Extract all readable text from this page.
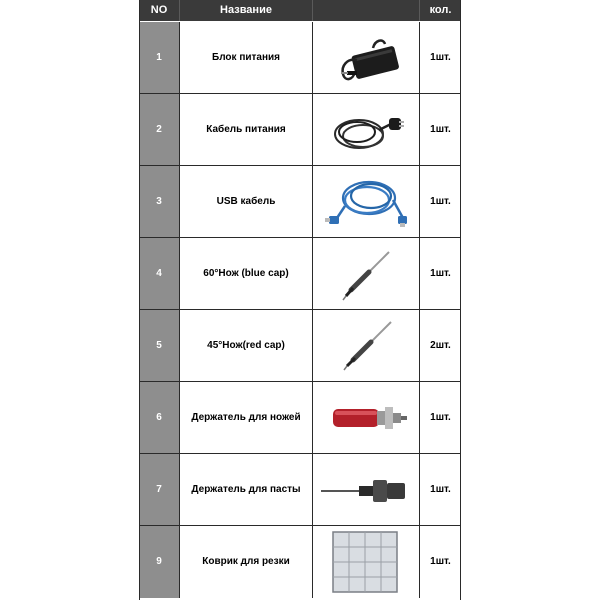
NO	Название	кол.
1	Блок питания	1шт.
2	Кабель питания	1шт.
3	USB кабель	1шт.
4	60°Нож (blue cap)	1шт.
5	45°Нож(red cap)	2шт.
6	Держатель для ножей	1шт.
7	Держатель для пасты	1шт.
9	Коврик для резки	1шт.
